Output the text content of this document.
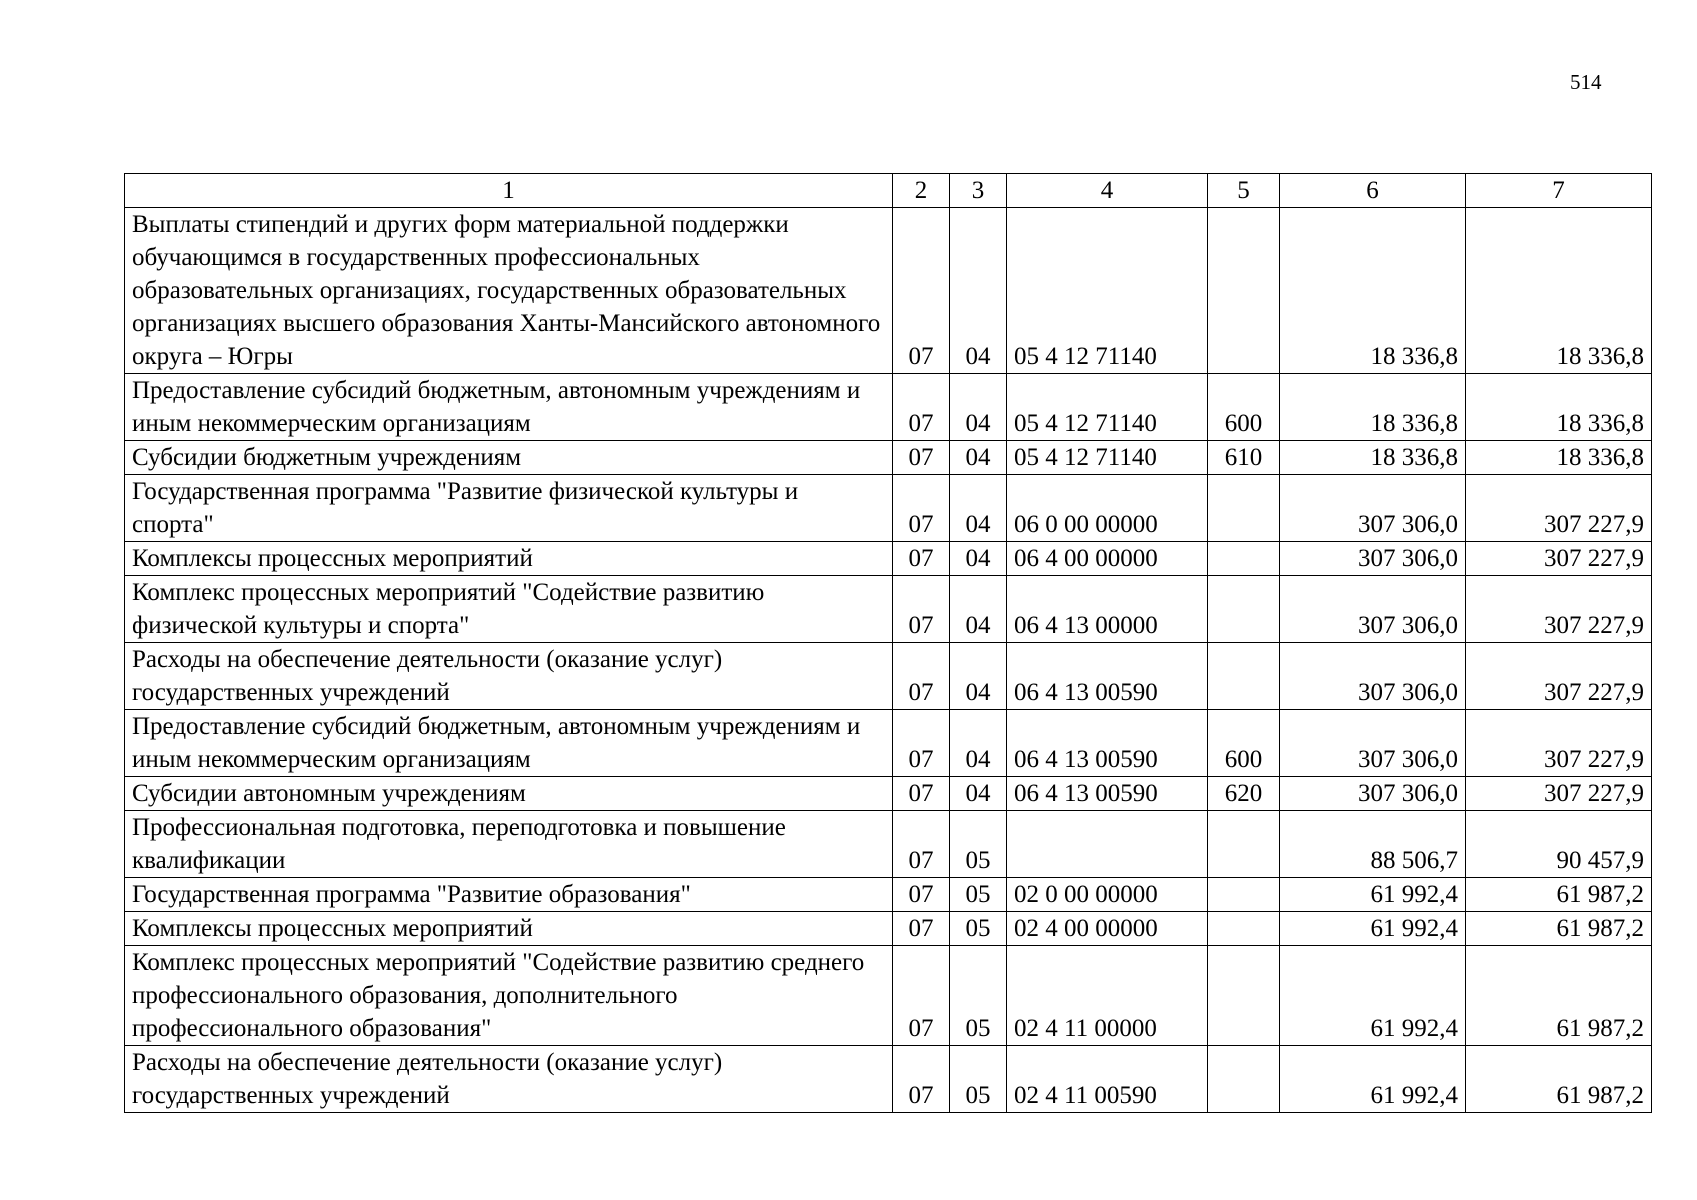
514
1	2	3	4	5	6	7
Выплаты стипендий и других форм материальной поддержки обучающимся в государственных профессиональных образовательных организациях, государственных образовательных организациях высшего образования Ханты-Мансийского автономного округа – Югры	07	04	05 4 12 71140		18 336,8	18 336,8
Предоставление субсидий бюджетным, автономным учреждениям и иным некоммерческим организациям	07	04	05 4 12 71140	600	18 336,8	18 336,8
Субсидии бюджетным учреждениям	07	04	05 4 12 71140	610	18 336,8	18 336,8
Государственная программа "Развитие физической культуры и спорта"	07	04	06 0 00 00000		307 306,0	307 227,9
Комплексы процессных мероприятий	07	04	06 4 00 00000		307 306,0	307 227,9
Комплекс процессных мероприятий "Содействие развитию физической культуры и спорта"	07	04	06 4 13 00000		307 306,0	307 227,9
Расходы на обеспечение деятельности (оказание услуг) государственных учреждений	07	04	06 4 13 00590		307 306,0	307 227,9
Предоставление субсидий бюджетным, автономным учреждениям и иным некоммерческим организациям	07	04	06 4 13 00590	600	307 306,0	307 227,9
Субсидии автономным учреждениям	07	04	06 4 13 00590	620	307 306,0	307 227,9
Профессиональная подготовка, переподготовка и повышение квалификации	07	05			88 506,7	90 457,9
Государственная программа "Развитие образования"	07	05	02 0 00 00000		61 992,4	61 987,2
Комплексы процессных мероприятий	07	05	02 4 00 00000		61 992,4	61 987,2
Комплекс процессных мероприятий "Содействие развитию среднего профессионального образования, дополнительного профессионального образования"	07	05	02 4 11 00000		61 992,4	61 987,2
Расходы на обеспечение деятельности (оказание услуг) государственных учреждений	07	05	02 4 11 00590		61 992,4	61 987,2
